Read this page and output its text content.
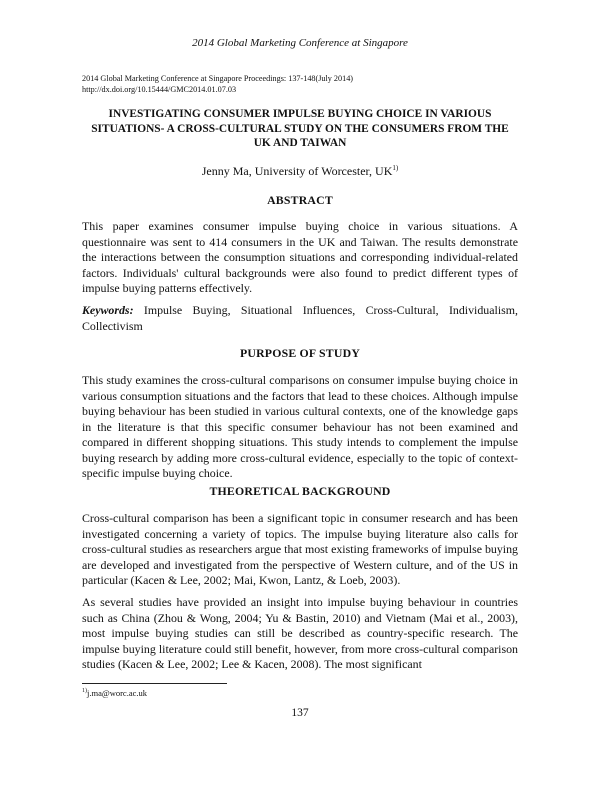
2014 Global Marketing Conference at Singapore
2014 Global Marketing Conference at Singapore Proceedings: 137-148(July 2014)
http://dx.doi.org/10.15444/GMC2014.01.07.03
INVESTIGATING CONSUMER IMPULSE BUYING CHOICE IN VARIOUS SITUATIONS- A CROSS-CULTURAL STUDY ON THE CONSUMERS FROM THE UK AND TAIWAN
Jenny Ma, University of Worcester, UK$^{1)}$
ABSTRACT
This paper examines consumer impulse buying choice in various situations. A questionnaire was sent to 414 consumers in the UK and Taiwan. The results demonstrate the interactions between the consumption situations and corresponding individual-related factors. Individuals' cultural backgrounds were also found to predict different types of impulse buying patterns effectively.
Keywords: Impulse Buying, Situational Influences, Cross-Cultural, Individualism, Collectivism
PURPOSE OF STUDY
This study examines the cross-cultural comparisons on consumer impulse buying choice in various consumption situations and the factors that lead to these choices. Although impulse buying behaviour has been studied in various cultural contexts, one of the knowledge gaps in the literature is that this specific consumer behaviour has not been examined and compared in different shopping situations. This study intends to complement the impulse buying research by adding more cross-cultural evidence, especially to the topic of context-specific impulse buying choice.
THEORETICAL BACKGROUND
Cross-cultural comparison has been a significant topic in consumer research and has been investigated concerning a variety of topics. The impulse buying literature also calls for cross-cultural studies as researchers argue that most existing frameworks of impulse buying are developed and investigated from the perspective of Western culture, and of the US in particular (Kacen & Lee, 2002; Mai, Kwon, Lantz, & Loeb, 2003).
As several studies have provided an insight into impulse buying behaviour in countries such as China (Zhou & Wong, 2004; Yu & Bastin, 2010) and Vietnam (Mai et al., 2003), most impulse buying studies can still be described as country-specific research. The impulse buying literature could still benefit, however, from more cross-cultural comparison studies (Kacen & Lee, 2002; Lee & Kacen, 2008). The most significant
$^{1)}$j.ma@worc.ac.uk
137
